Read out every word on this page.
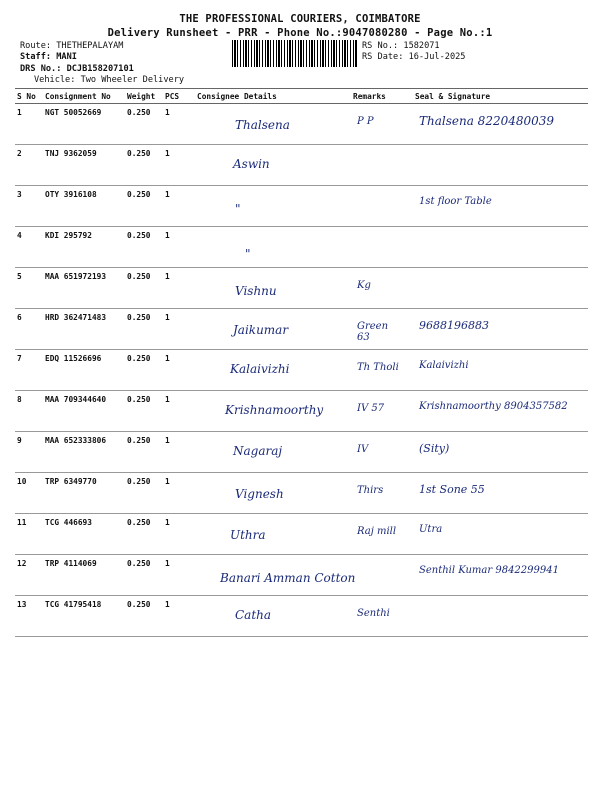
THE PROFESSIONAL COURIERS, COIMBATORE
Delivery Runsheet - PRR - Phone No.:9047080280 - Page No.:1
Route: THETHEPALAYAM
Staff: MANI
DRS No.: DCJB158207101
Vehicle: Two Wheeler Delivery
RS No.: 1582071
RS Date: 16-Jul-2025
S No	Consignment No	Weight	PCS	Consignee Details	Remarks	Seal & Signature
1	NGT 50052669	0.250	1	Thalsena	P P	Thalsena 8220480039

2	TNJ 9362059	0.250	1	Aswin		

3	OTY 3916108	0.250	1	"		1st floor Table

4	KDI 295792	0.250	1	"		

5	MAA 651972193	0.250	1	Vishnu	Kg	

6	HRD 362471483	0.250	1	Jaikumar	Green 63	9688196883

7	EDQ 11526696	0.250	1	Kalaivizhi	Th Tholi	Kalaivizhi

8	MAA 709344640	0.250	1	Krishnamoorthy	IV 57	Krishnamoorthy 8904357582

9	MAA 652333806	0.250	1	Nagaraj	IV	(Sity)

10	TRP 6349770	0.250	1	Vignesh	Thirs	1st Sone 55

11	TCG 446693	0.250	1	Uthra	Raj mill	Utra

12	TRP 4114069	0.250	1	Banari Amman Cotton		Senthil Kumar 9842299941

13	TCG 41795418	0.250	1	Catha	Senthi	
